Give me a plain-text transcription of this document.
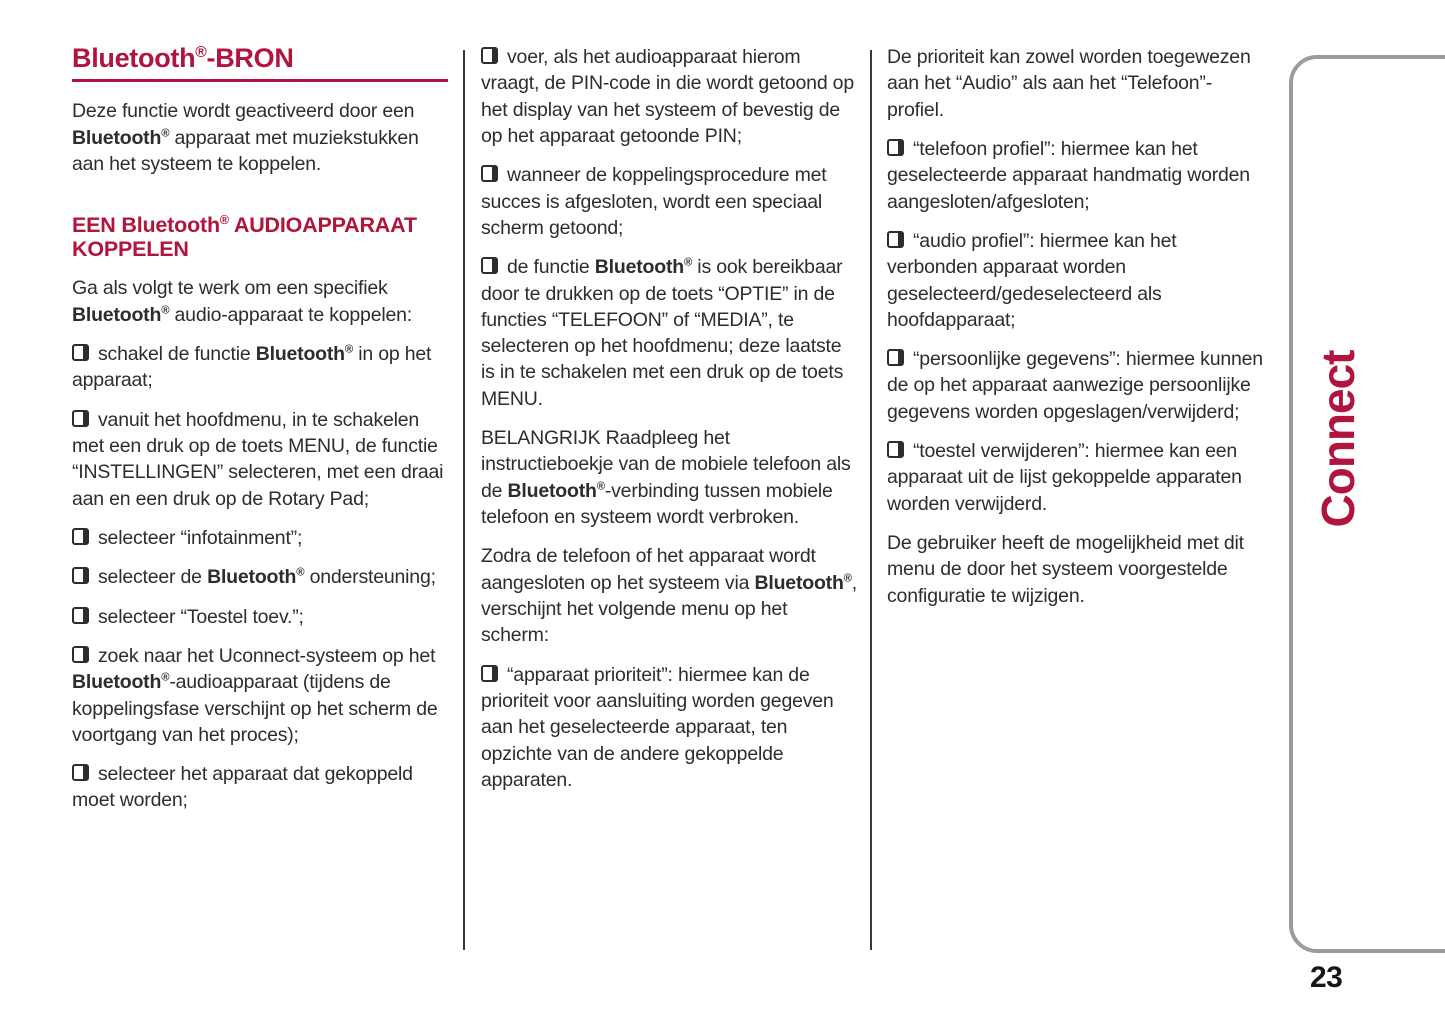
Bluetooth®-BRON

Deze functie wordt geactiveerd door een Bluetooth® apparaat met muziekstukken aan het systeem te koppelen.

EEN Bluetooth® AUDIOAPPARAAT KOPPELEN

Ga als volgt te werk om een specifiek Bluetooth® audio-apparaat te koppelen:

schakel de functie Bluetooth® in op het apparaat;

vanuit het hoofdmenu, in te schakelen met een druk op de toets MENU, de functie “INSTELLINGEN” selecteren, met een draai aan en een druk op de Rotary Pad;

selecteer “infotainment”;

selecteer de Bluetooth® ondersteuning;

selecteer “Toestel toev.”;

zoek naar het Uconnect-systeem op het Bluetooth®-audioapparaat (tijdens de koppelingsfase verschijnt op het scherm de voortgang van het proces);

selecteer het apparaat dat gekoppeld moet worden;

voer, als het audioapparaat hierom vraagt, de PIN-code in die wordt getoond op het display van het systeem of bevestig de op het apparaat getoonde PIN;

wanneer de koppelingsprocedure met succes is afgesloten, wordt een speciaal scherm getoond;

de functie Bluetooth® is ook bereikbaar door te drukken op de toets “OPTIE” in de functies “TELEFOON” of “MEDIA”, te selecteren op het hoofdmenu; deze laatste is in te schakelen met een druk op de toets MENU.

BELANGRIJK Raadpleeg het instructieboekje van de mobiele telefoon als de Bluetooth®-verbinding tussen mobiele telefoon en systeem wordt verbroken.

Zodra de telefoon of het apparaat wordt aangesloten op het systeem via Bluetooth®, verschijnt het volgende menu op het scherm:

“apparaat prioriteit”: hiermee kan de prioriteit voor aansluiting worden gegeven aan het geselecteerde apparaat, ten opzichte van de andere gekoppelde apparaten.

De prioriteit kan zowel worden toegewezen aan het “Audio” als aan het “Telefoon”-profiel.

“telefoon profiel”: hiermee kan het geselecteerde apparaat handmatig worden aangesloten/afgesloten;

“audio profiel”: hiermee kan het verbonden apparaat worden geselecteerd/gedeselecteerd als hoofdapparaat;

“persoonlijke gegevens”: hiermee kunnen de op het apparaat aanwezige persoonlijke gegevens worden opgeslagen/verwijderd;

“toestel verwijderen”: hiermee kan een apparaat uit de lijst gekoppelde apparaten worden verwijderd.

De gebruiker heeft de mogelijkheid met dit menu de door het systeem voorgestelde configuratie te wijzigen.

Connect
23
